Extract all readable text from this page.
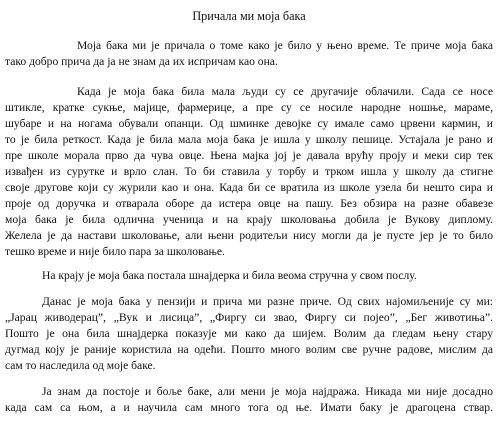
Причала ми моја бака
Моја бака ми је причала о томе како је било у њено време. Те приче моја бака
тако добро прича да ја не знам да их испричам као она.
Када је моја бака била мала људи су се другачије облачили. Сада се носе
штикле, кратке сукње, мајице, фармерице, а пре су се носиле народне ношње, мараме,
шубаре и на ногама обували опанци. Од шминке девојке су имале само црвени кармин, и
то је била реткост. Када је била мала моја бака је ишла у школу пешице. Устајала је рано и
пре школе морала прво да чува овце. Њена мајка јој је давала врућу проју и меки сир тек
извађен из сурутке и врло слан. То би ставила у торбу и трком ишла у школу да стигне
своје другове који су журили као и она. Када би се вратила из школе узела би нешто сира и
проје од доручка и отварала оборе да истера овце на пашу. Без обзира на разне обавезе
моја бака је била одлична ученица и на крају школовања добила је Вукову диплому.
Желела је да настави школовање, али њени родитељи нису могли да је пусте јер је то било
тешко време и није било пара за школовање.
На крају је моја бака постала шнајдерка и била веома стручна у свом послу.
Данас је моја бака у пензији и прича ми разне приче. Од свих најомиљеније су ми:
„Јарац живодерац”, „Вук и лисица”, „Фиргу си звао, Фиргу си појео”, „Бег животиња”.
Пошто је она била шнајдерка показује ми како да шијем. Волим да гледам њену стару
дугмад коју је раније користила на одећи. Пошто много волим све ручне радове, мислим да
сам то наследила од моје баке.
Ја знам да постоје и боље баке, али мени је моја најдража. Никада ми није досадно
када сам са њом, а и научила сам много тога од ње. Имати баку је драгоцена ствар.
